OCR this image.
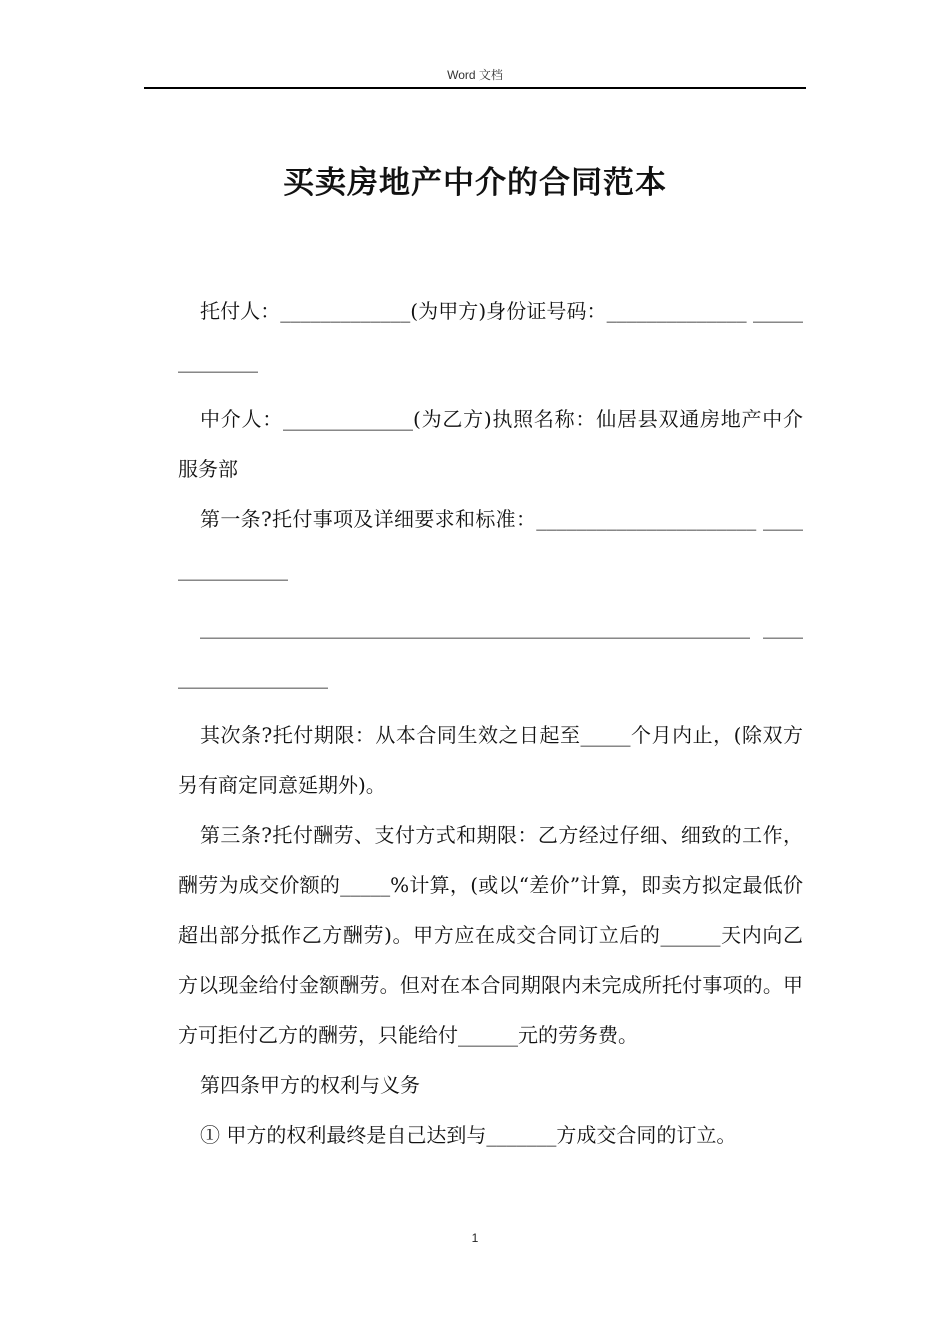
Word 文档
买卖房地产中介的合同范本

托付人：_____________(为甲方)身份证号码：______________ _____________

中介人：_____________(为乙方)执照名称：仙居县双通房地产中介服务部

第一条?托付事项及详细要求和标准：______________________ _______________

_______________________________________________________ ___________________

其次条?托付期限：从本合同生效之日起至_____个月内止，(除双方另有商定同意延期外)。

第三条?托付酬劳、支付方式和期限：乙方经过仔细、细致的工作，酬劳为成交价额的_____%计算，(或以“差价”计算，即卖方拟定最低价超出部分抵作乙方酬劳)。甲方应在成交合同订立后的______天内向乙方以现金给付金额酬劳。但对在本合同期限内未完成所托付事项的。甲方可拒付乙方的酬劳，只能给付______元的劳务费。

第四条甲方的权利与义务

① 甲方的权利最终是自己达到与_______方成交合同的订立。

1
